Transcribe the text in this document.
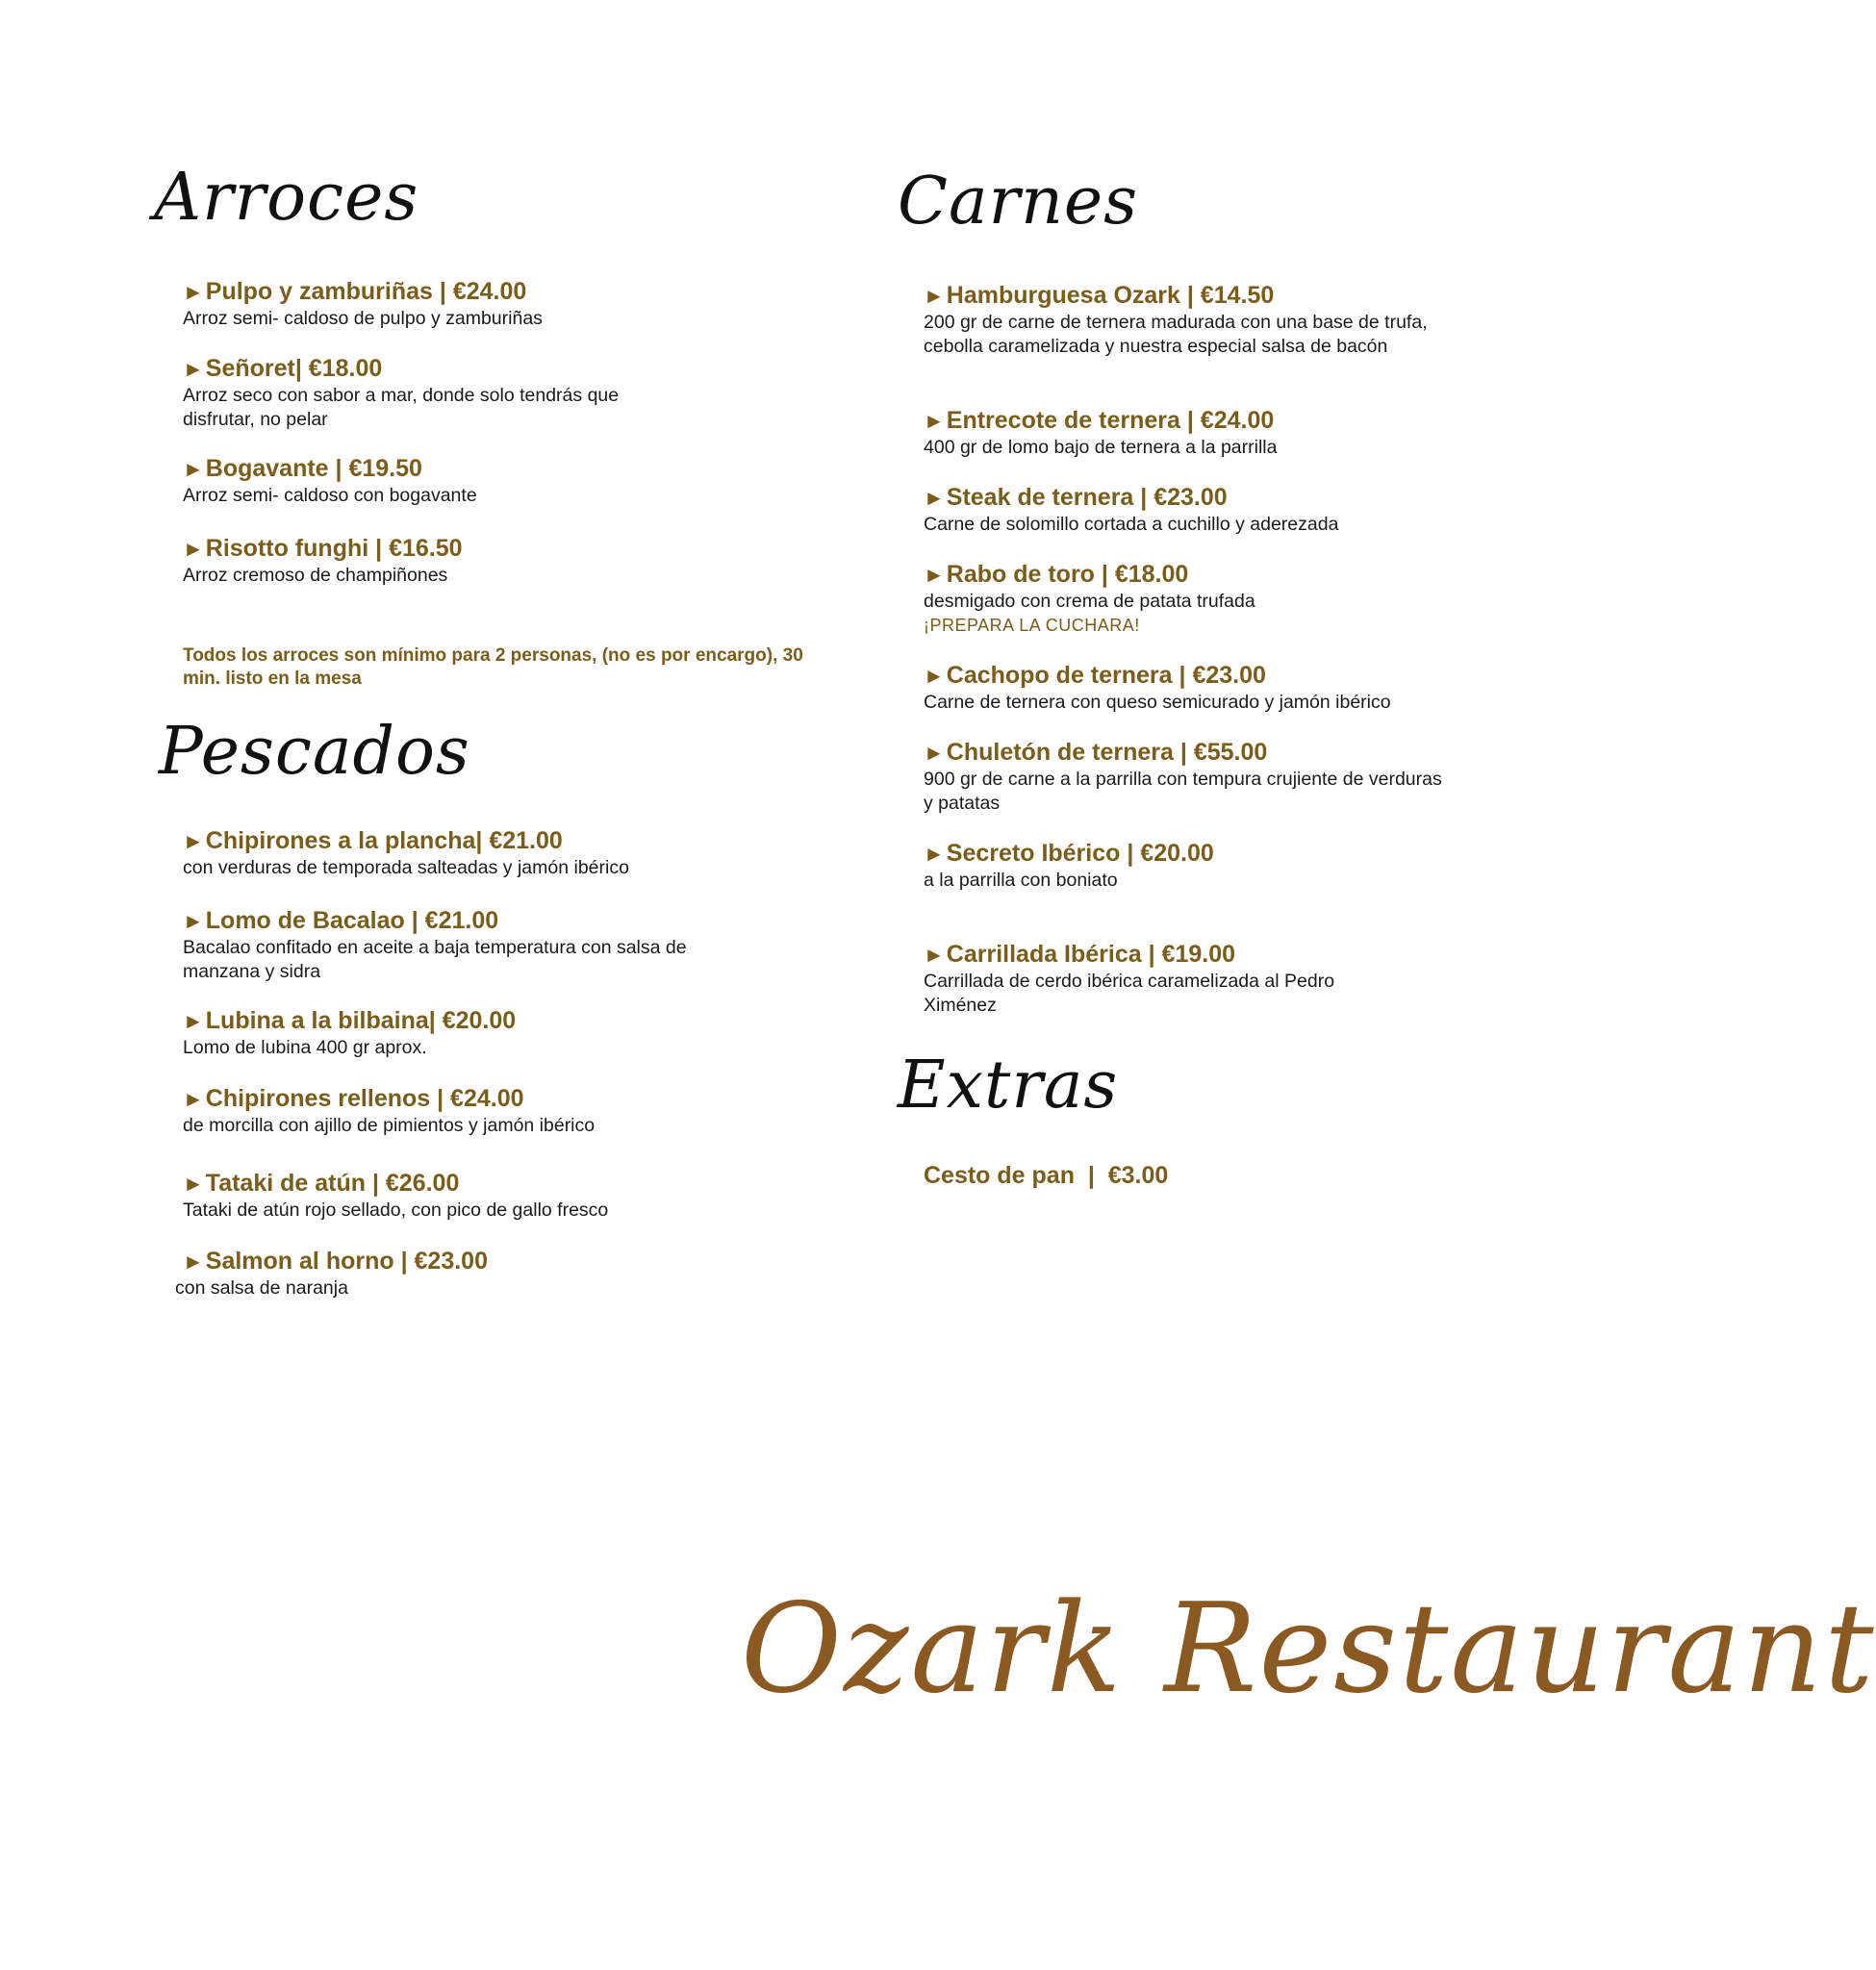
Arroces
►Pulpo y zamburiñas | €24.00
Arroz semi- caldoso de pulpo y zamburiñas
►Señoret| €18.00
Arroz seco con sabor a mar, donde solo tendrás que disfrutar, no pelar
►Bogavante | €19.50
Arroz semi- caldoso con bogavante
►Risotto funghi | €16.50
Arroz cremoso de champiñones
Todos los arroces son mínimo para 2 personas, (no es por encargo), 30 min. listo en la mesa
Pescados
►Chipirones a la plancha| €21.00
con verduras de temporada salteadas y jamón ibérico
►Lomo de Bacalao | €21.00
Bacalao confitado en aceite a baja temperatura con salsa de manzana y sidra
►Lubina a la bilbaina| €20.00
Lomo de lubina 400 gr aprox.
►Chipirones rellenos | €24.00
de morcilla con ajillo de pimientos y jamón ibérico
►Tataki de atún | €26.00
Tataki de atún rojo sellado, con pico de gallo fresco
►Salmon al horno | €23.00
con salsa de naranja
Carnes
►Hamburguesa Ozark | €14.50
200 gr de carne de ternera madurada con una base de trufa, cebolla caramelizada y nuestra especial salsa de bacón
►Entrecote de ternera | €24.00
400 gr de lomo bajo de ternera a la parrilla
►Steak de ternera | €23.00
Carne de solomillo cortada a cuchillo y aderezada
►Rabo de toro | €18.00
desmigado con crema de patata trufada
¡PREPARA LA CUCHARA!
►Cachopo de ternera | €23.00
Carne de ternera con queso semicurado y jamón ibérico
►Chuletón de ternera | €55.00
900 gr de carne a la parrilla con tempura crujiente de verduras y patatas
►Secreto Ibérico | €20.00
a la parrilla con boniato
►Carrillada Ibérica | €19.00
Carrillada de cerdo ibérica caramelizada al Pedro Ximénez
Extras
Cesto de pan  |  €3.00
Ozark Restaurant
